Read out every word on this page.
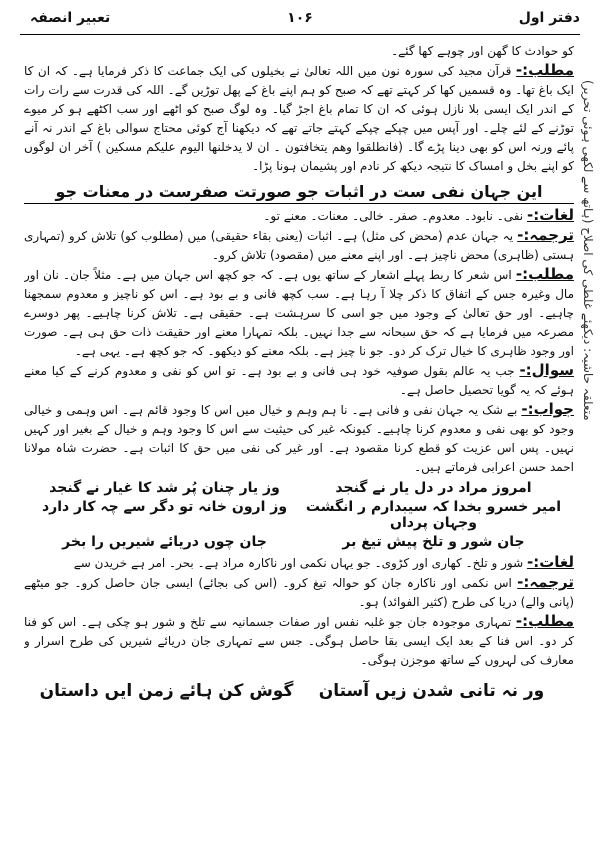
دفتر اول
۱۰۶
تعبیر انصفہ
متعلقہ حاشیہ: دیکھئے غلطی کی اصلاح (ہاتھ سے لکھی ہوئی تحریر)

کو حوادث کا گھن اور چوہے کھا گئے۔

مطلب:- قرآن مجید کی سورہ نون میں اللہ تعالیٰ نے بخیلوں کی ایک جماعت کا ذکر فرمایا ہے۔ کہ ان کا ایک باغ تھا۔ وہ قسمیں کھا کر کہتے تھے کہ صبح کو ہم اپنے باغ کے پھل توڑیں گے۔ اللہ کی قدرت سے رات رات کے اندر ایک ایسی بلا نازل ہوئی کہ ان کا تمام باغ اجڑ گیا۔ وہ لوگ صبح کو اٹھے اور سب اکٹھے ہو کر میوے توڑنے کے لئے چلے۔ اور آپس میں چپکے چپکے کہتے جاتے تھے کہ دیکھنا آج کوئی محتاج سوالی باغ کے اندر نہ آنے پائے ورنہ اس کو بھی دینا پڑے گا۔ (فانطلقوا وھم یتخافتون ۔ ان لا یدخلنھا الیوم علیکم مسکین ) آخر ان لوگوں کو اپنے بخل و امساک کا نتیجہ دیکھ کر نادم اور پشیمان ہونا پڑا۔

این جہان نفی ست در اثبات جو صورتت صفرست در معنات جو

لغات:- نفی۔ نابود۔ معدوم۔ صفر۔ خالی۔ معنات۔ معنے تو۔

ترجمہ:- یہ جہان عدم (محض کی مثل) ہے۔ اثبات (یعنی بقاء حقیقی) میں (مطلوب کو) تلاش کرو (تمہاری ہستی (ظاہری) محض ناچیز ہے۔ اور اپنے معنے میں (مقصود) تلاش کرو۔

مطلب:- اس شعر کا ربط پہلے اشعار کے ساتھ یوں ہے۔ کہ جو کچھ اس جہان میں ہے۔ مثلاً جان۔ نان اور مال وغیرہ جس کے اتفاق کا ذکر چلا آ رہا ہے۔ سب کچھ فانی و بے بود ہے۔ اس کو ناچیز و معدوم سمجھنا چاہیے۔ اور حق تعالیٰ کے وجود میں جو اسی کا سرہشت ہے۔ حقیقی ہے۔ تلاش کرنا چاہیے۔ پھر دوسرے مصرعہ میں فرمایا ہے کہ حق سبحانہ سے جدا نہیں۔ بلکہ تمہارا معنے اور حقیقت ذات حق ہی ہے۔ صورت اور وجود ظاہری کا خیال ترک کر دو۔ جو نا چیز ہے۔ بلکہ معنے کو دیکھو۔ کہ جو کچھ ہے۔ یہی ہے۔

سوال:- جب یہ عالم بقول صوفیہ خود ہی فانی و بے بود ہے۔ تو اس کو نفی و معدوم کرنے کے کیا معنے ہوئے کہ یہ گویا تحصیل حاصل ہے۔

جواب:- بے شک یہ جہان نفی و فانی ہے۔ نا ہم وہم و خیال میں اس کا وجود قائم ہے۔ اس وہمی و خیالی وجود کو بھی نفی و معدوم کرنا چاہیے۔ کیونکہ غیر کی حیثیت سے اس کا وجود وہم و خیال کے بغیر اور کہیں نہیں۔ پس اس عزیت کو قطع کرنا مقصود ہے۔ اور غیر کی نفی میں حق کا اثبات ہے۔ حضرت شاہ مولانا احمد حسن اعرابی فرماتے ہیں۔

امروز مراد در دل یار نے گنجد
وز یار چنان پُر شد کا غیار نے گنجد
امیر خسرو بخدا کہ سیبدارم ر انگشت وجہان پرداں
وز ارون خانہ تو دگر سے چہ کار دارد
جان شور و تلخ پیش تیغ بر
جان چوں دریائے شیریں را بخر

لغات:- شور و تلخ۔ کھاری اور کڑوی۔ جو یہاں نکمی اور ناکارہ مراد ہے۔ بحر۔ امر ہے خریدن سے

ترجمہ:- اس نکمی اور ناکارہ جان کو حوالہ تیغ کرو۔ (اس کی بجائے) ایسی جان حاصل کرو۔ جو میٹھے (پانی والے) دریا کی طرح (کثیر الفوائد) ہو۔

مطلب:- تمہاری موجودہ جان جو غلبہ نفس اور صفات جسمانیہ سے تلخ و شور ہو چکی ہے۔ اس کو فنا کر دو۔ اس فنا کے بعد ایک ایسی بقا حاصل ہوگی۔ جس سے تمہاری جان دریائے شیریں کی طرح اسرار و معارف کی لہروں کے ساتھ موجزن ہوگی۔

ور نہ تانی شدن زیں آستان
گوش کن ہائے زمن ایں داستان
